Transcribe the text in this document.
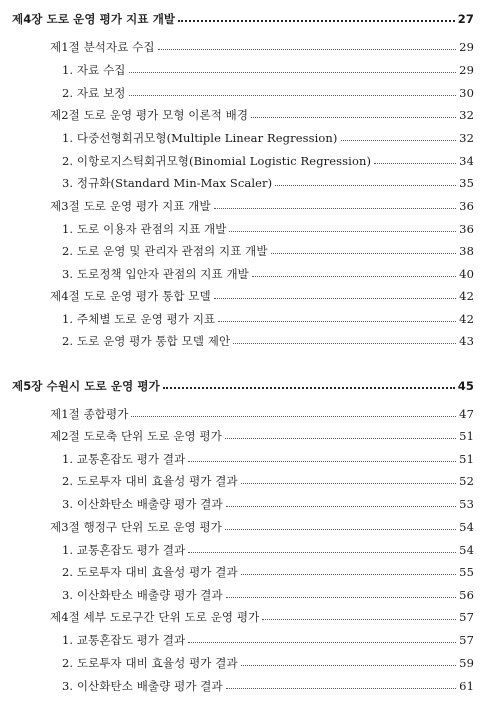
제4장 도로 운영 평가 지표 개발	27
제1절 분석자료 수집	29
1. 자료 수집	29
2. 자료 보정	30
제2절 도로 운영 평가 모형 이론적 배경	32
1. 다중선형회귀모형(Multiple Linear Regression)	32
2. 이항로지스틱회귀모형(Binomial Logistic Regression)	34
3. 정규화(Standard Min-Max Scaler)	35
제3절 도로 운영 평가 지표 개발	36
1. 도로 이용자 관점의 지표 개발	36
2. 도로 운영 및 관리자 관점의 지표 개발	38
3. 도로정책 입안자 관점의 지표 개발	40
제4절 도로 운영 평가 통합 모델	42
1. 주체별 도로 운영 평가 지표	42
2. 도로 운영 평가 통합 모델 제안	43
제5장 수원시 도로 운영 평가	45
제1절 종합평가	47
제2절 도로축 단위 도로 운영 평가	51
1. 교통혼잡도 평가 결과	51
2. 도로투자 대비 효율성 평가 결과	52
3. 이산화탄소 배출량 평가 결과	53
제3절 행정구 단위 도로 운영 평가	54
1. 교통혼잡도 평가 결과	54
2. 도로투자 대비 효율성 평가 결과	55
3. 이산화탄소 배출량 평가 결과	56
제4절 세부 도로구간 단위 도로 운영 평가	57
1. 교통혼잡도 평가 결과	57
2. 도로투자 대비 효율성 평가 결과	59
3. 이산화탄소 배출량 평가 결과	61
